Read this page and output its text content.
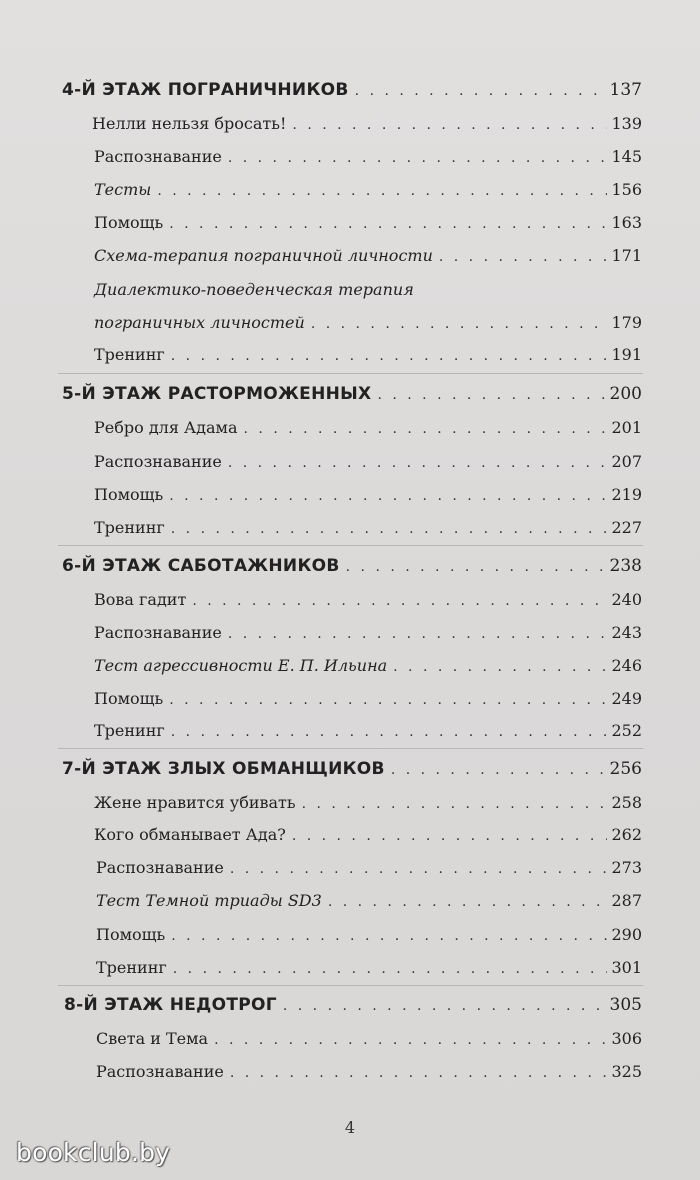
4-Й ЭТАЖ ПОГРАНИЧНИКОВ . . .	137
Нелли нельзя бросать! . . .	139
Распознавание . . .	145
Тесты . . .	156
Помощь . . .	163
Схема-терапия пограничной личности . . .	171
Диалектико-поведенческая терапия
пограничных личностей . . .	179
Тренинг . . .	191
5-Й ЭТАЖ РАСТОРМОЖЕННЫХ . . .	200
Ребро для Адама . . .	201
Распознавание . . .	207
Помощь . . .	219
Тренинг . . .	227
6-Й ЭТАЖ САБОТАЖНИКОВ . . .	238
Вова гадит . . .	240
Распознавание . . .	243
Тест агрессивности Е. П. Ильина . . .	246
Помощь . . .	249
Тренинг . . .	252
7-Й ЭТАЖ ЗЛЫХ ОБМАНЩИКОВ . . .	256
Жене нравится убивать . . .	258
Кого обманывает Ада? . . .	262
Распознавание . . .	273
Тест Темной триады SD3 . . .	287
Помощь . . .	290
Тренинг . . .	301
8-Й ЭТАЖ НЕДОТРОГ . . .	305
Света и Тема . . .	306
Распознавание . . .	325
4
bookclub.by
